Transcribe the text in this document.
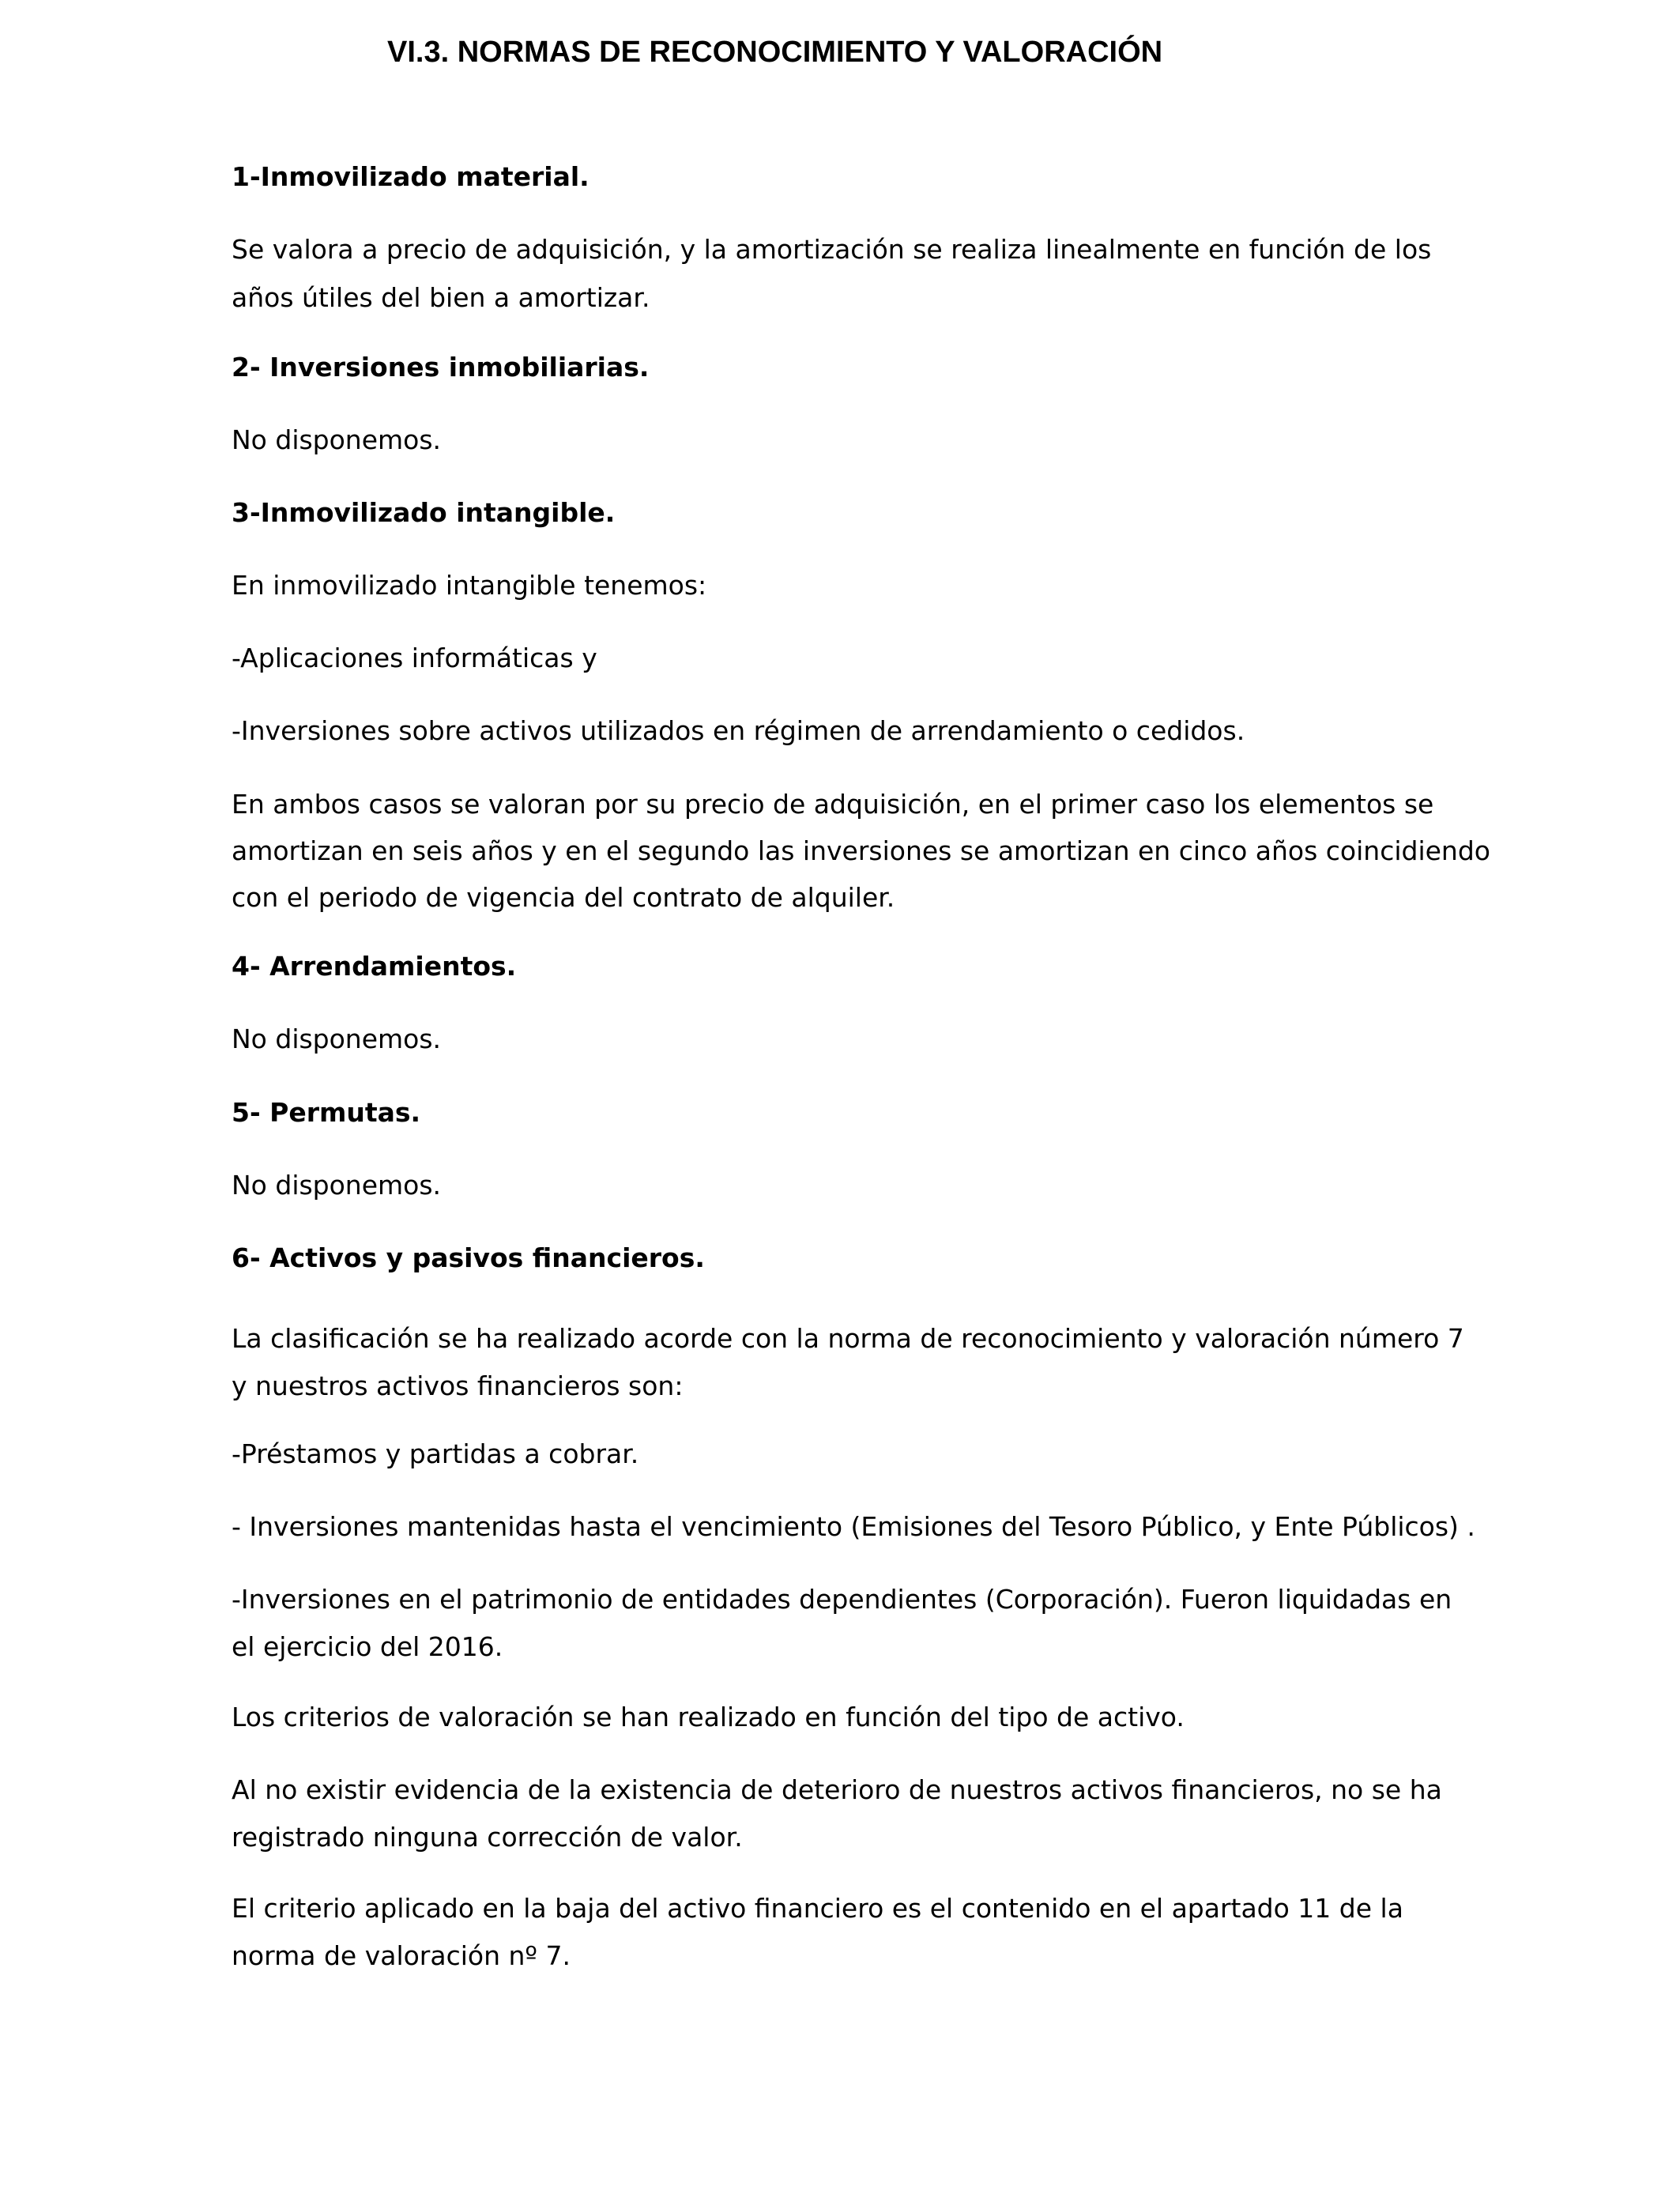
VI.3. NORMAS DE RECONOCIMIENTO Y VALORACIÓN

1-Inmovilizado material.

Se valora a precio de adquisición, y la amortización se realiza linealmente en función de los

años útiles del bien a amortizar.

2- Inversiones inmobiliarias.

No disponemos.

3-Inmovilizado intangible.

En inmovilizado intangible tenemos:

-Aplicaciones informáticas y

-Inversiones sobre activos utilizados en régimen de arrendamiento o cedidos.

En ambos casos se valoran por su precio de adquisición, en el primer caso los elementos se

amortizan en seis años y en el segundo las inversiones se amortizan en cinco años coincidiendo

con el periodo de vigencia del contrato de alquiler.

4- Arrendamientos.

No disponemos.

5- Permutas.

No disponemos.

6- Activos y pasivos financieros.

La clasificación se ha realizado acorde con la norma de reconocimiento y valoración número 7

y nuestros activos financieros son:

-Préstamos y partidas a cobrar.

- Inversiones mantenidas hasta el vencimiento (Emisiones del Tesoro Público, y Ente Públicos) .

-Inversiones en el patrimonio de entidades dependientes (Corporación). Fueron liquidadas en

el ejercicio del 2016.

Los criterios de valoración se han realizado en función del tipo de activo.

Al no existir evidencia de la existencia de deterioro de nuestros activos financieros, no se ha

registrado ninguna corrección de valor.

El criterio aplicado en la baja del activo financiero es el contenido en el apartado 11 de la

norma de valoración nº 7.
